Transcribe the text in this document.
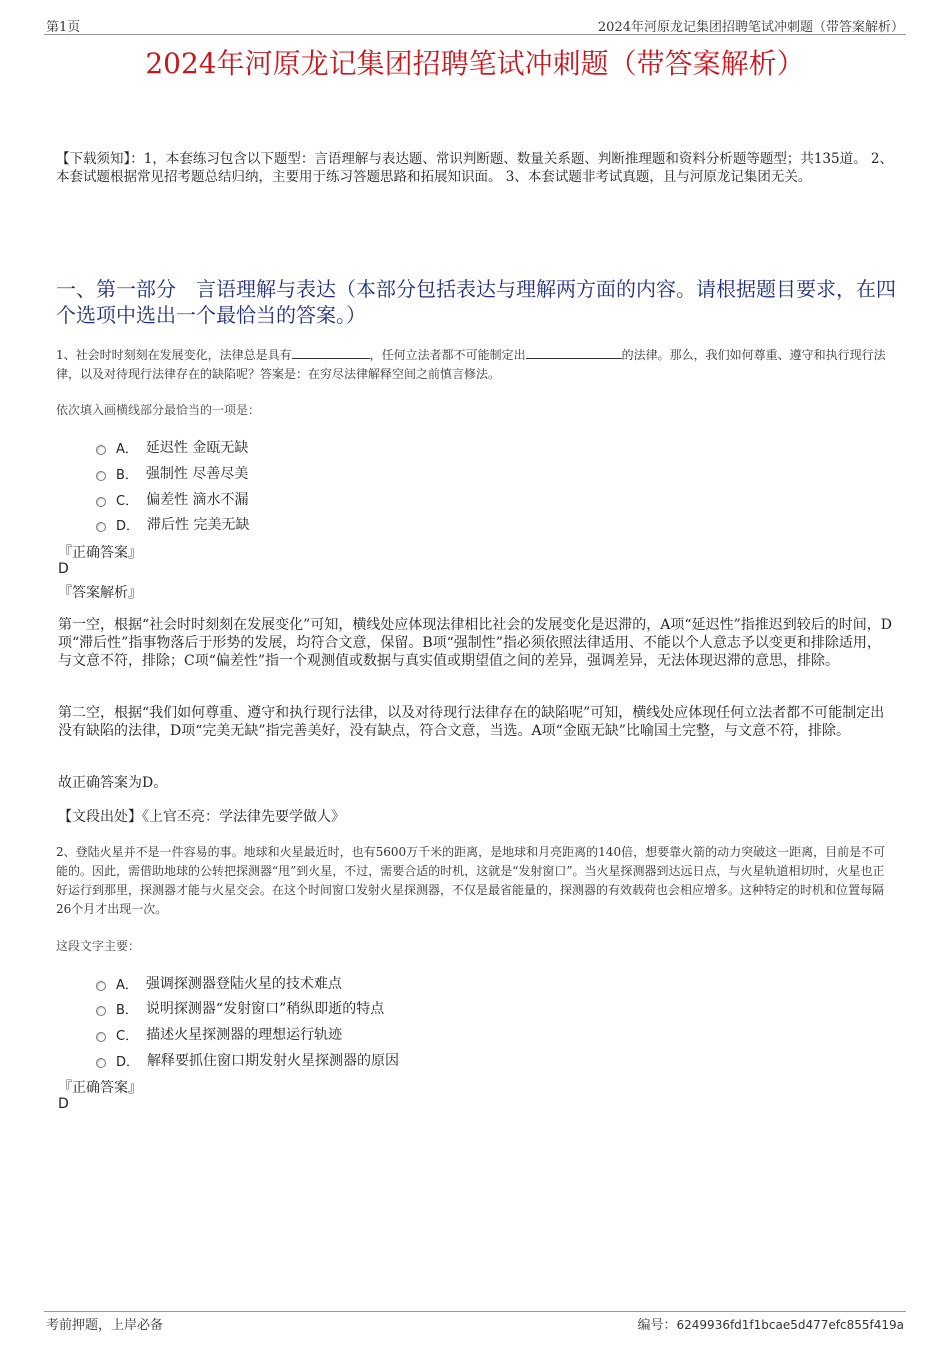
第1页	2024年河原龙记集团招聘笔试冲刺题（带答案解析）
2024年河原龙记集团招聘笔试冲刺题（带答案解析）
【下载须知】：1，本套练习包含以下题型：言语理解与表达题、常识判断题、数量关系题、判断推理题和资料分析题等题型；共135道。 2、本套试题根据常见招考题总结归纳，主要用于练习答题思路和拓展知识面。 3、本套试题非考试真题，且与河原龙记集团无关。
一、第一部分　言语理解与表达（本部分包括表达与理解两方面的内容。请根据题目要求，在四个选项中选出一个最恰当的答案。）
1、社会时时刻刻在发展变化，法律总是具有	，任何立法者都不可能制定出	的法律。那么，我们如何尊重、遵守和执行现行法律，以及对待现行法律存在的缺陷呢？答案是：在穷尽法律解释空间之前慎言修法。
依次填入画横线部分最恰当的一项是：
A． 延迟性 金瓯无缺
B． 强制性 尽善尽美
C． 偏差性 滴水不漏
D． 滞后性 完美无缺
『正确答案』
D
『答案解析』
第一空，根据“社会时时刻刻在发展变化”可知，横线处应体现法律相比社会的发展变化是迟滞的，A项“延迟性”指推迟到较后的时间，D项“滞后性”指事物落后于形势的发展，均符合文意，保留。B项“强制性”指必须依照法律适用、不能以个人意志予以变更和排除适用，与文意不符，排除；C项“偏差性”指一个观测值或数据与真实值或期望值之间的差异，强调差异，无法体现迟滞的意思，排除。
第二空，根据“我们如何尊重、遵守和执行现行法律，以及对待现行法律存在的缺陷呢”可知，横线处应体现任何立法者都不可能制定出没有缺陷的法律，D项“完美无缺”指完善美好，没有缺点，符合文意，当选。A项“金瓯无缺”比喻国土完整，与文意不符，排除。
故正确答案为D。
【文段出处】《上官丕亮：学法律先要学做人》
2、登陆火星并不是一件容易的事。地球和火星最近时，也有5600万千米的距离，是地球和月亮距离的140倍，想要靠火箭的动力突破这一距离，目前是不可能的。因此，需借助地球的公转把探测器“甩”到火星，不过，需要合适的时机，这就是“发射窗口”。当火星探测器到达远日点，与火星轨道相切时，火星也正好运行到那里，探测器才能与火星交会。在这个时间窗口发射火星探测器，不仅是最省能量的，探测器的有效载荷也会相应增多。这种特定的时机和位置每隔26个月才出现一次。
这段文字主要：
A． 强调探测器登陆火星的技术难点
B． 说明探测器“发射窗口”稍纵即逝的特点
C． 描述火星探测器的理想运行轨迹
D． 解释要抓住窗口期发射火星探测器的原因
『正确答案』
D
考前押题，上岸必备	编号：6249936fd1f1bcae5d477efc855f419a
